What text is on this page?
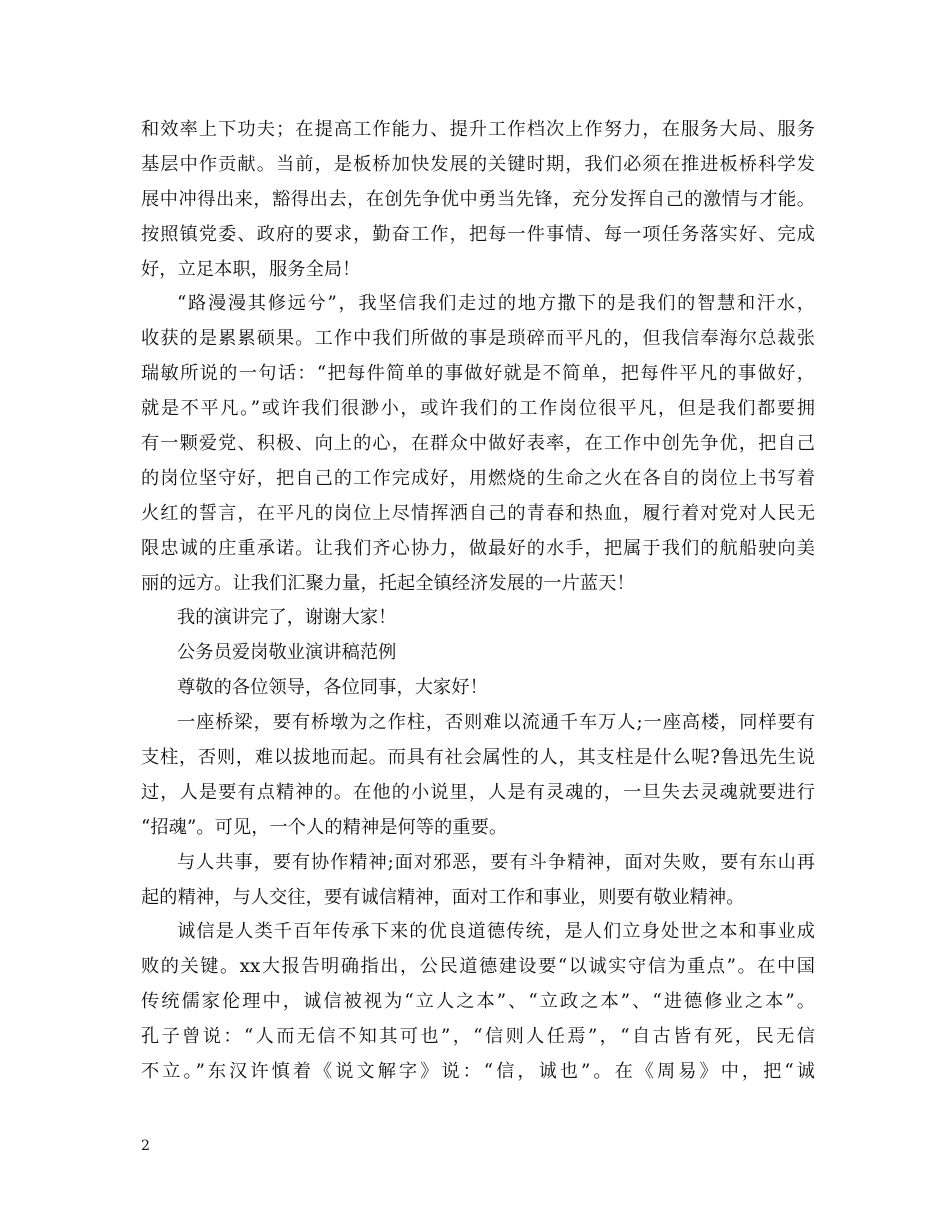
和效率上下功夫；在提高工作能力、提升工作档次上作努力，在服务大局、服务
基层中作贡献。当前，是板桥加快发展的关键时期，我们必须在推进板桥科学发
展中冲得出来，豁得出去，在创先争优中勇当先锋，充分发挥自己的激情与才能。
按照镇党委、政府的要求，勤奋工作，把每一件事情、每一项任务落实好、完成
好，立足本职，服务全局！
“路漫漫其修远兮”，我坚信我们走过的地方撒下的是我们的智慧和汗水，
收获的是累累硕果。工作中我们所做的事是琐碎而平凡的，但我信奉海尔总裁张
瑞敏所说的一句话：“把每件简单的事做好就是不简单，把每件平凡的事做好，
就是不平凡。”或许我们很渺小，或许我们的工作岗位很平凡，但是我们都要拥
有一颗爱党、积极、向上的心，在群众中做好表率，在工作中创先争优，把自己
的岗位坚守好，把自己的工作完成好，用燃烧的生命之火在各自的岗位上书写着
火红的誓言，在平凡的岗位上尽情挥洒自己的青春和热血，履行着对党对人民无
限忠诚的庄重承诺。让我们齐心协力，做最好的水手，把属于我们的航船驶向美
丽的远方。让我们汇聚力量，托起全镇经济发展的一片蓝天！
我的演讲完了，谢谢大家！
公务员爱岗敬业演讲稿范例
尊敬的各位领导，各位同事，大家好！
一座桥梁，要有桥墩为之作柱，否则难以流通千车万人;一座高楼，同样要有
支柱，否则，难以拔地而起。而具有社会属性的人，其支柱是什么呢?鲁迅先生说
过，人是要有点精神的。在他的小说里，人是有灵魂的，一旦失去灵魂就要进行
“招魂”。可见，一个人的精神是何等的重要。
与人共事，要有协作精神;面对邪恶，要有斗争精神，面对失败，要有东山再
起的精神，与人交往，要有诚信精神，面对工作和事业，则要有敬业精神。
诚信是人类千百年传承下来的优良道德传统，是人们立身处世之本和事业成
败的关键。xx大报告明确指出，公民道德建设要“以诚实守信为重点”。在中国
传统儒家伦理中，诚信被视为“立人之本”、“立政之本”、“进德修业之本”。
孔子曾说：“人而无信不知其可也”，“信则人任焉”，“自古皆有死，民无信
不立。”东汉许慎着《说文解字》说：“信，诚也”。在《周易》中，把“诚
2
